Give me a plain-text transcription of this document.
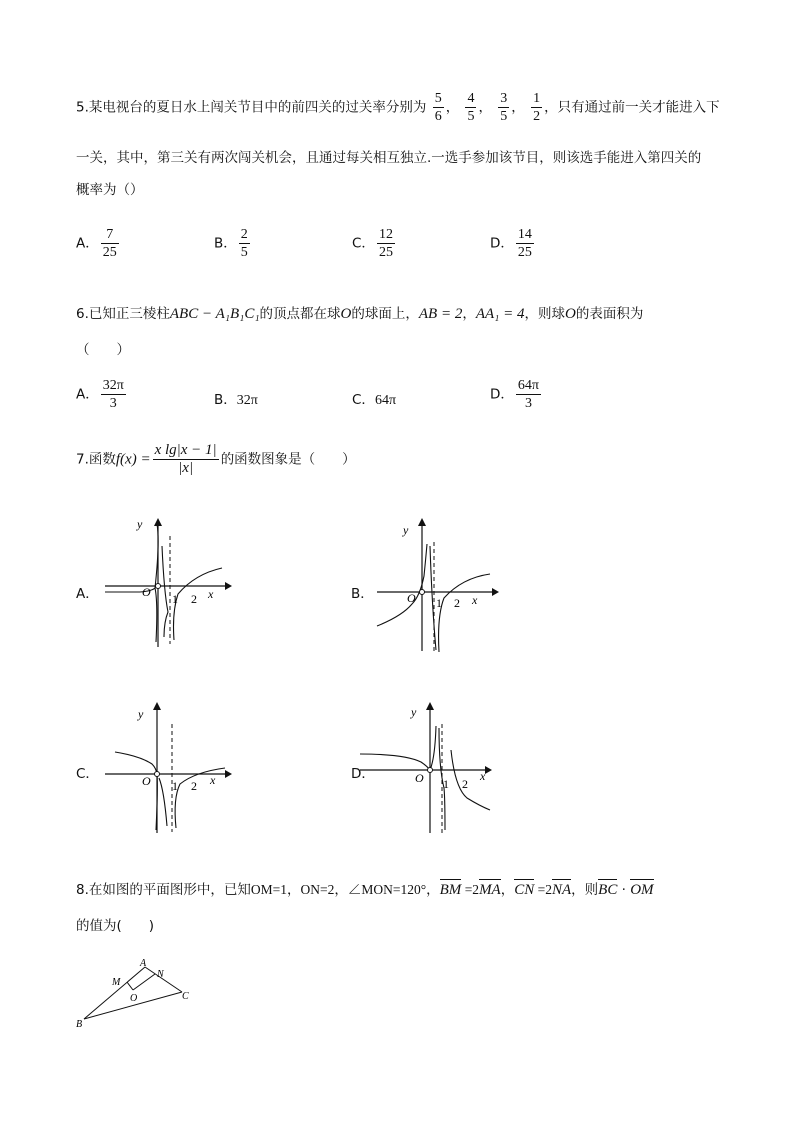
5.某电视台的夏日水上闯关节目中的前四关的过关率分别为 $\frac{5}{6}$ ， $\frac{4}{5}$ ， $\frac{3}{5}$ ， $\frac{1}{2}$ ，只有通过前一关才能进入下
一关，其中，第三关有两次闯关机会，且通过每关相互独立.一选手参加该节目，则该选手能进入第四关的
概率为（）
A． $\frac{7}{25}$	B． $\frac{2}{5}$	C． $\frac{12}{25}$	D． $\frac{14}{25}$
6.已知正三棱柱ABC − A₁B₁C₁的顶点都在球O的球面上，AB = 2，AA₁ = 4，则球O的表面积为
（　　）
A． $\frac{32\pi}{3}$	B．32π	C．64π	D． $\frac{64\pi}{3}$
7.函数$f(x) = \frac{\text{x lg|x − 1|}}{|x|}$ 的函数图象是（　　）
A．
y
x
O 1 2	B．
y
x
O 1 2
C．
y
x
O 1 2
D．
y
x
O 1 2
8.在如图的平面图形中，已知OM=1，ON=2，∠MON=120°，BM =2MA，CN =2NA，则BC · OM
的值为(　　)
A
N
M
O	C
B
